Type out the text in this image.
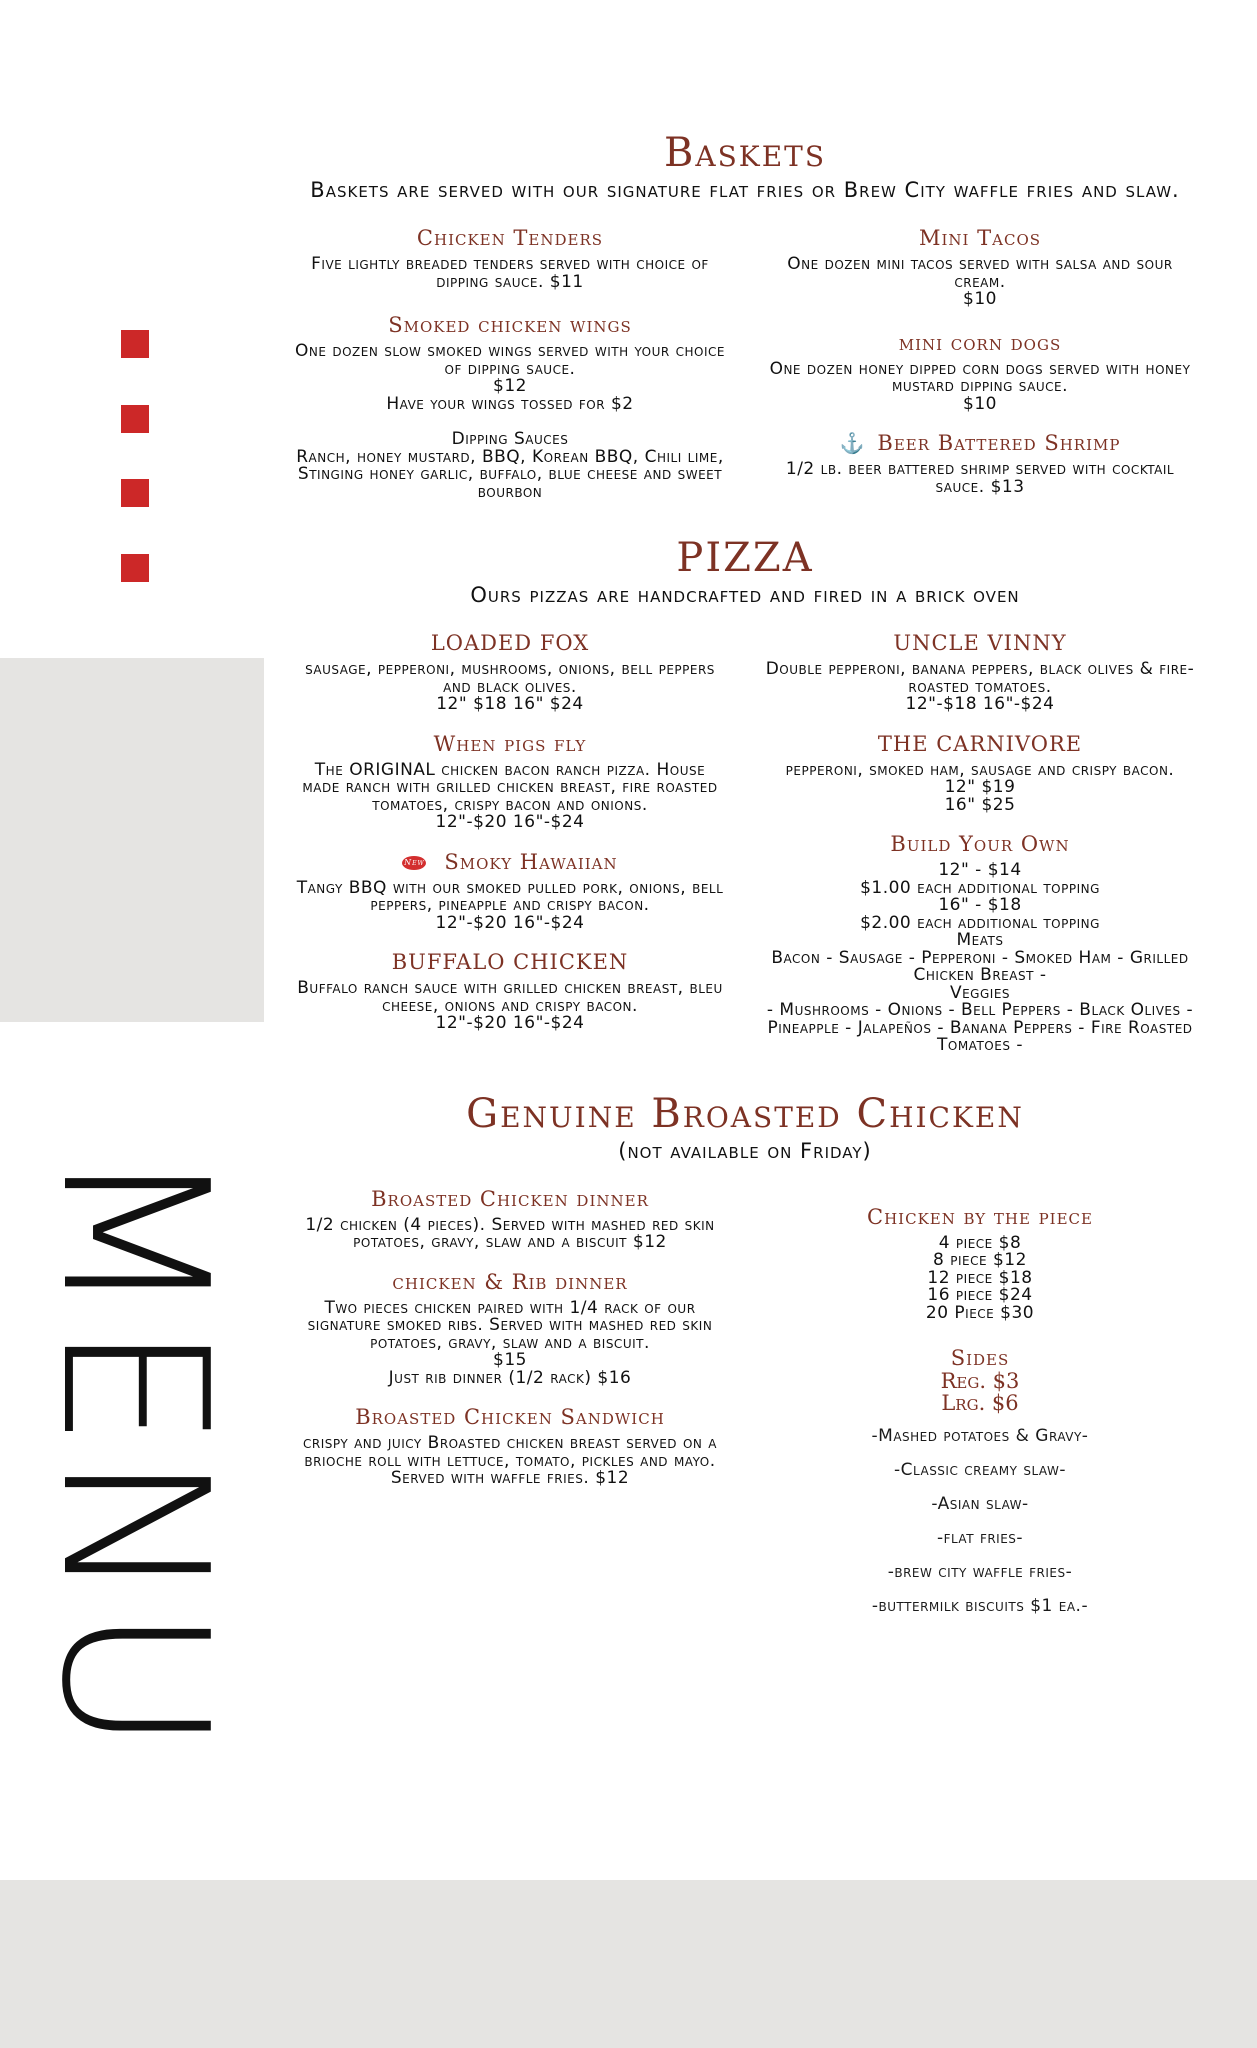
MENU
Baskets

Baskets are served with our signature flat fries or Brew City waffle fries and slaw.

Chicken Tenders

Five lightly breaded tenders served with choice of dipping sauce. $11

Smoked chicken wings

One dozen slow smoked wings served with your choice of dipping sauce.

$12

Have your wings tossed for $2

Dipping Sauces

Ranch, honey mustard, BBQ, Korean BBQ, Chili lime, Stinging honey garlic, buffalo, blue cheese and sweet bourbon

Mini Tacos

One dozen mini tacos served with salsa and sour cream.

$10

mini corn dogs

One dozen honey dipped corn dogs served with honey mustard dipping sauce.

$10

⚓ Beer Battered Shrimp

1/2 lb. beer battered shrimp served with cocktail sauce. $13

PIZZA

Ours pizzas are handcrafted and fired in a brick oven

LOADED FOX

sausage, pepperoni, mushrooms, onions, bell peppers and black olives.

12" $18 16" $24

When pigs fly

The ORIGINAL chicken bacon ranch pizza. House made ranch with grilled chicken breast, fire roasted tomatoes, crispy bacon and onions.

12"-$20 16"-$24

New Smoky Hawaiian

Tangy BBQ with our smoked pulled pork, onions, bell peppers, pineapple and crispy bacon.

12"-$20 16"-$24

BUFFALO CHICKEN

Buffalo ranch sauce with grilled chicken breast, bleu cheese, onions and crispy bacon.

12"-$20 16"-$24

UNCLE VINNY

Double pepperoni, banana peppers, black olives & fire-roasted tomatoes.

12"-$18 16"-$24

THE CARNIVORE

pepperoni, smoked ham, sausage and crispy bacon.

12" $19

16" $25

Build Your Own

12" - $14

$1.00 each additional topping

16" - $18

$2.00 each additional topping

Meats

Bacon - Sausage - Pepperoni - Smoked Ham - Grilled Chicken Breast -

Veggies

- Mushrooms - Onions - Bell Peppers - Black Olives - Pineapple - Jalapeños - Banana Peppers - Fire Roasted Tomatoes -

Genuine Broasted Chicken

(not available on Friday)

Broasted Chicken dinner

1/2 chicken (4 pieces). Served with mashed red skin potatoes, gravy, slaw and a biscuit $12

chicken & Rib dinner

Two pieces chicken paired with 1/4 rack of our signature smoked ribs. Served with mashed red skin potatoes, gravy, slaw and a biscuit.

$15

Just rib dinner (1/2 rack) $16

Broasted Chicken Sandwich

crispy and juicy Broasted chicken breast served on a brioche roll with lettuce, tomato, pickles and mayo. Served with waffle fries. $12

Chicken by the piece

4 piece $8

8 piece $12

12 piece $18

16 piece $24

20 Piece $30

Sides

Reg. $3

Lrg. $6

-Mashed potatoes & Gravy-

-Classic creamy slaw-

-Asian slaw-

-flat fries-

-brew city waffle fries-

-buttermilk biscuits $1 ea.-
